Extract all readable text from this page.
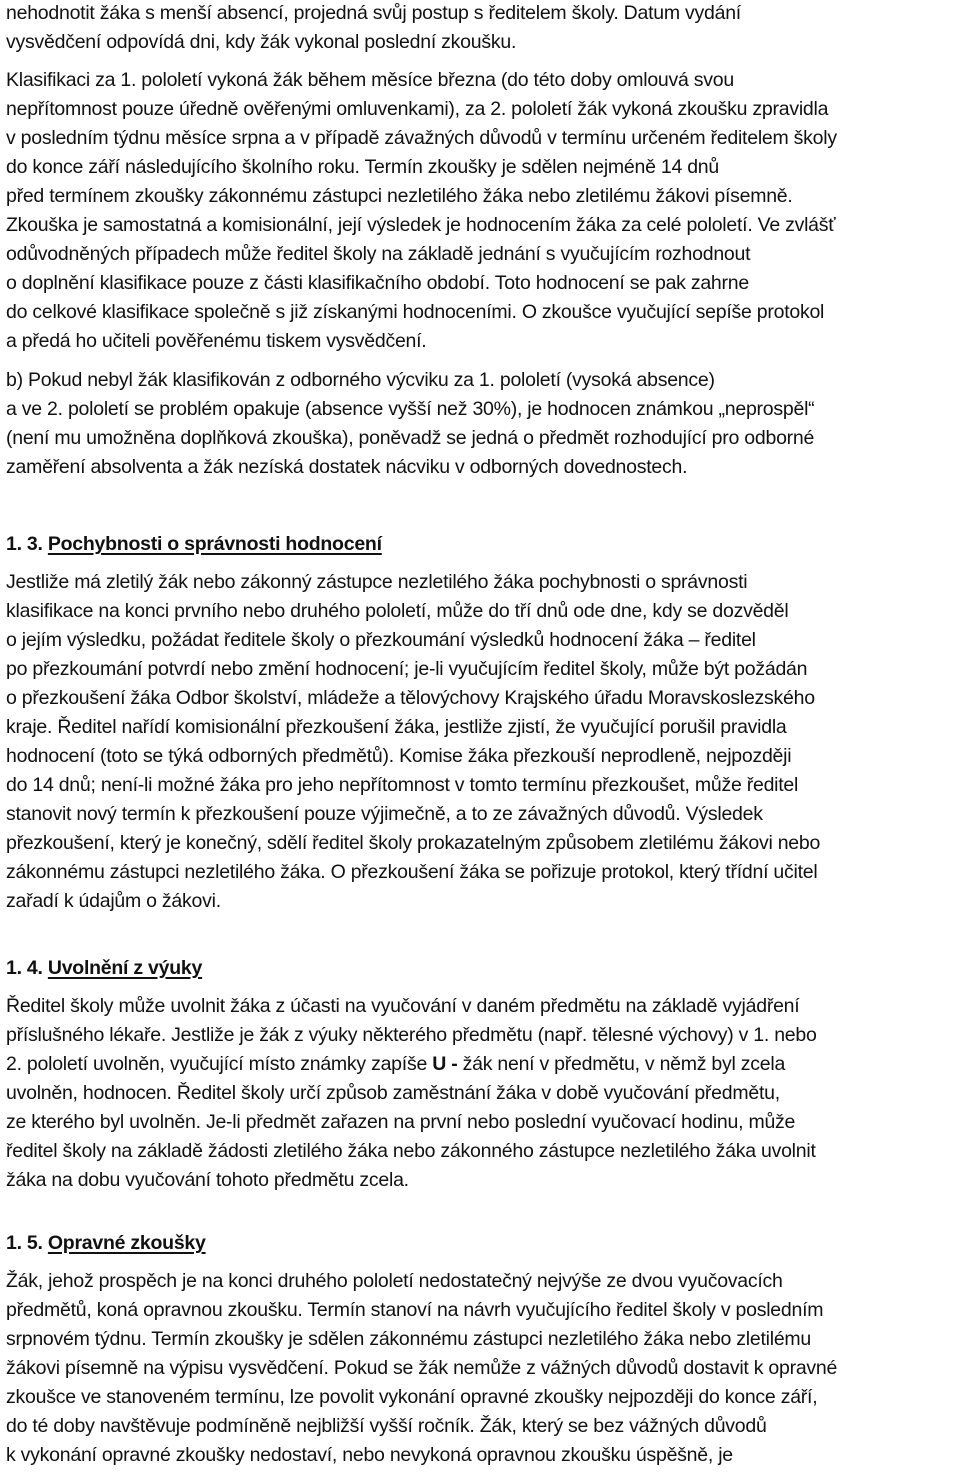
nehodnotit žáka s menší absencí, projedná svůj postup s ředitelem školy. Datum vydání
vysvědčení odpovídá dni, kdy žák vykonal poslední zkoušku.
Klasifikaci za 1. pololetí vykoná žák během měsíce března (do této doby omlouvá svou
nepřítomnost pouze úředně ověřenými omluvenkami), za 2. pololetí žák vykoná zkoušku zpravidla
v posledním týdnu měsíce srpna a v případě závažných důvodů v termínu určeném ředitelem školy
do konce září následujícího školního roku. Termín zkoušky je sdělen nejméně 14 dnů
před termínem zkoušky zákonnému zástupci nezletilého žáka nebo zletilému žákovi písemně.
Zkouška je samostatná a komisionální, její výsledek je hodnocením žáka za celé pololetí. Ve zvlášť
odůvodněných případech může ředitel školy na základě jednání s vyučujícím rozhodnout
o doplnění klasifikace pouze z části klasifikačního období. Toto hodnocení se pak zahrne
do celkové klasifikace společně s již získanými hodnoceními. O zkoušce vyučující sepíše protokol
a předá ho učiteli pověřenému tiskem vysvědčení.
b) Pokud nebyl žák klasifikován z odborného výcviku za 1. pololetí (vysoká absence)
a ve 2. pololetí se problém opakuje (absence vyšší než 30%), je hodnocen známkou „neprospěl“
(není mu umožněna doplňková zkouška), poněvadž se jedná o předmět rozhodující pro odborné
zaměření absolventa a žák nezíská dostatek nácviku v odborných dovednostech.
1. 3. Pochybnosti o správnosti hodnocení
Jestliže má zletilý žák nebo zákonný zástupce nezletilého žáka pochybnosti o správnosti
klasifikace na konci prvního nebo druhého pololetí, může do tří dnů ode dne, kdy se dozvěděl
o jejím výsledku, požádat ředitele školy o přezkoumání výsledků hodnocení žáka – ředitel
po přezkoumání potvrdí nebo změní hodnocení; je-li vyučujícím ředitel školy, může být požádán
o přezkoušení žáka Odbor školství, mládeže a tělovýchovy Krajského úřadu Moravskoslezského
kraje. Ředitel nařídí komisionální přezkoušení žáka, jestliže zjistí, že vyučující porušil pravidla
hodnocení (toto se týká odborných předmětů). Komise žáka přezkouší neprodleně, nejpozději
do 14 dnů; není-li možné žáka pro jeho nepřítomnost v tomto termínu přezkoušet, může ředitel
stanovit nový termín k přezkoušení pouze výjimečně, a to ze závažných důvodů. Výsledek
přezkoušení, který je konečný, sdělí ředitel školy prokazatelným způsobem zletilému žákovi nebo
zákonnému zástupci nezletilého žáka. O přezkoušení žáka se pořizuje protokol, který třídní učitel
zařadí k údajům o žákovi.
1. 4. Uvolnění z výuky
Ředitel školy může uvolnit žáka z účasti na vyučování v daném předmětu na základě vyjádření
příslušného lékaře. Jestliže je žák z výuky některého předmětu (např. tělesné výchovy) v 1. nebo
2. pololetí uvolněn, vyučující místo známky zapíše U - žák není v předmětu, v němž byl zcela
uvolněn, hodnocen. Ředitel školy určí způsob zaměstnání žáka v době vyučování předmětu,
ze kterého byl uvolněn. Je-li předmět zařazen na první nebo poslední vyučovací hodinu, může
ředitel školy na základě žádosti zletilého žáka nebo zákonného zástupce nezletilého žáka uvolnit
žáka na dobu vyučování tohoto předmětu zcela.
1. 5. Opravné zkoušky
Žák, jehož prospěch je na konci druhého pololetí nedostatečný nejvýše ze dvou vyučovacích
předmětů, koná opravnou zkoušku. Termín stanoví na návrh vyučujícího ředitel školy v posledním
srpnovém týdnu. Termín zkoušky je sdělen zákonnému zástupci nezletilého žáka nebo zletilému
žákovi písemně na výpisu vysvědčení. Pokud se žák nemůže z vážných důvodů dostavit k opravné
zkoušce ve stanoveném termínu, lze povolit vykonání opravné zkoušky nejpozději do konce září,
do té doby navštěvuje podmíněně nejbližší vyšší ročník. Žák, který se bez vážných důvodů
k vykonání opravné zkoušky nedostaví, nebo nevykoná opravnou zkoušku úspěšně, je
